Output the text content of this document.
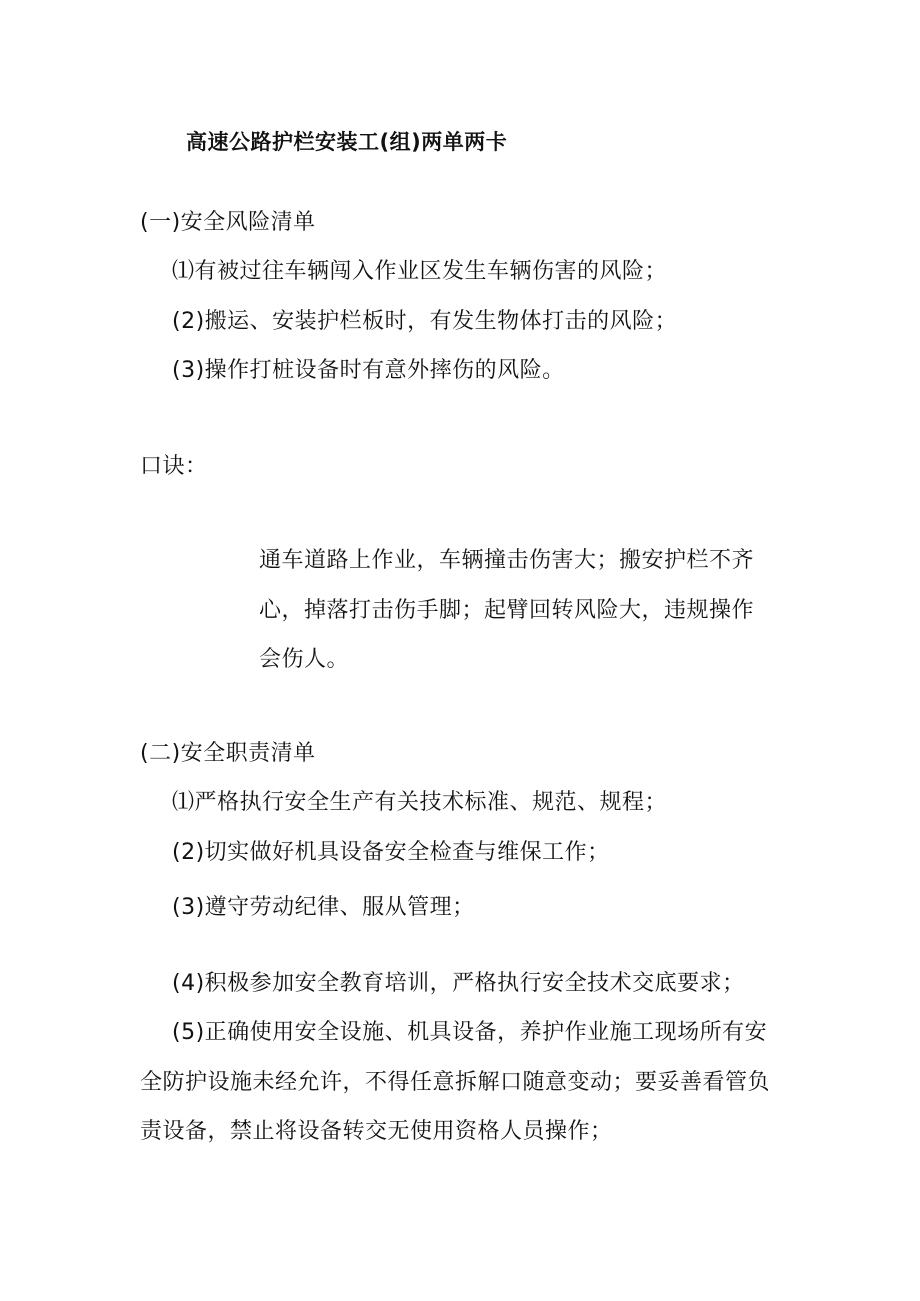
高速公路护栏安装工(组)两单两卡
(一)安全风险清单
⑴有被过往车辆闯入作业区发生车辆伤害的风险；
(2)搬运、安装护栏板时，有发生物体打击的风险；
(3)操作打桩设备时有意外摔伤的风险。
口诀：
通车道路上作业，车辆撞击伤害大；搬安护栏不齐
心，掉落打击伤手脚；起臂回转风险大，违规操作
会伤人。
(二)安全职责清单
⑴严格执行安全生产有关技术标准、规范、规程；
(2)切实做好机具设备安全检查与维保工作；
(3)遵守劳动纪律、服从管理；
(4)积极参加安全教育培训，严格执行安全技术交底要求；
(5)正确使用安全设施、机具设备，养护作业施工现场所有安
全防护设施未经允许，不得任意拆解口随意变动；要妥善看管负
责设备，禁止将设备转交无使用资格人员操作；
